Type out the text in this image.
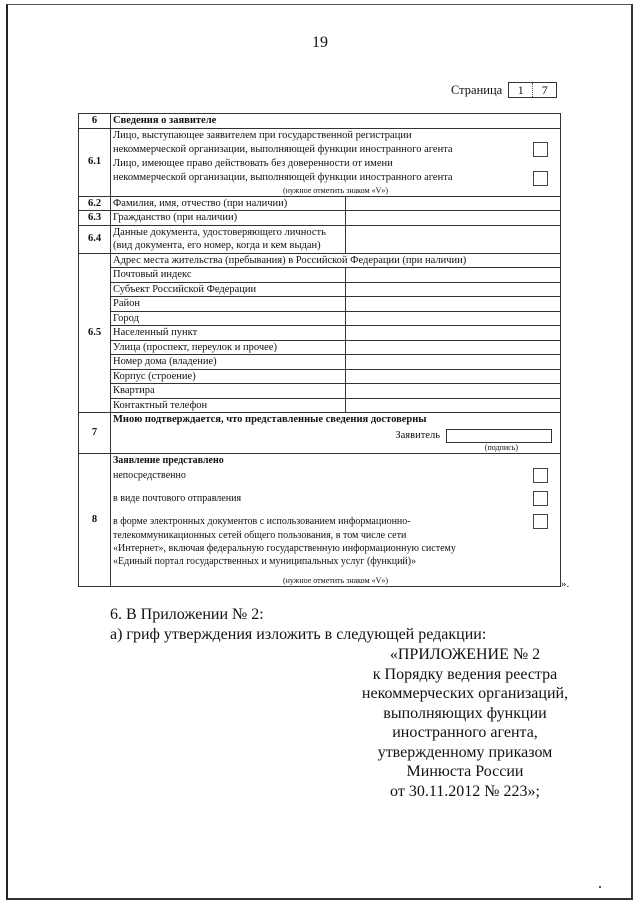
19
Страница	1	7
6	Сведения о заявителе	
6.1	Лицо, выступающее заявителем при государственной регистрации
некоммерческой организации, выполняющей функции иностранного агента
Лицо, имеющее право действовать без доверенности от имени
некоммерческой организации, выполняющей функции иностранного агента
(нужное отметить знаком «V»)	

6.2	Фамилия, имя, отчество (при наличии)	
6.3	Гражданство (при наличии)	
6.4	Данные документа, удостоверяющего личность (вид документа, его номер, когда и кем выдан)	
6.5	Адрес места жительства (пребывания) в Российской Федерации (при наличии)	
	Почтовый индекс	
	Субъект Российской Федерации	
	Район	
	Город	
	Населенный пункт	
	Улица (проспект, переулок и прочее)	
	Номер дома (владение)	
	Корпус (строение)	
	Квартира	
	Контактный телефон	
7	Мною подтверждается, что представленные сведения достоверны
Заявитель
(подпись)	

8	
Заявление представлено
непосредственно
в виде почтового отправления
в форме электронных документов с использованием информационно-
телекоммуникационных сетей общего пользования, в том числе сети
«Интернет», включая федеральную государственную информационную систему
«Единый портал государственных и муниципальных услуг (функций)»
(нужное отметить знаком «V»)	».
6. В Приложении № 2:
а) гриф утверждения изложить в следующей редакции:
«ПРИЛОЖЕНИЕ № 2
к Порядку ведения реестра
некоммерческих организаций,
выполняющих функции
иностранного агента,
утвержденному приказом
Минюста России
от 30.11.2012 № 223»;
